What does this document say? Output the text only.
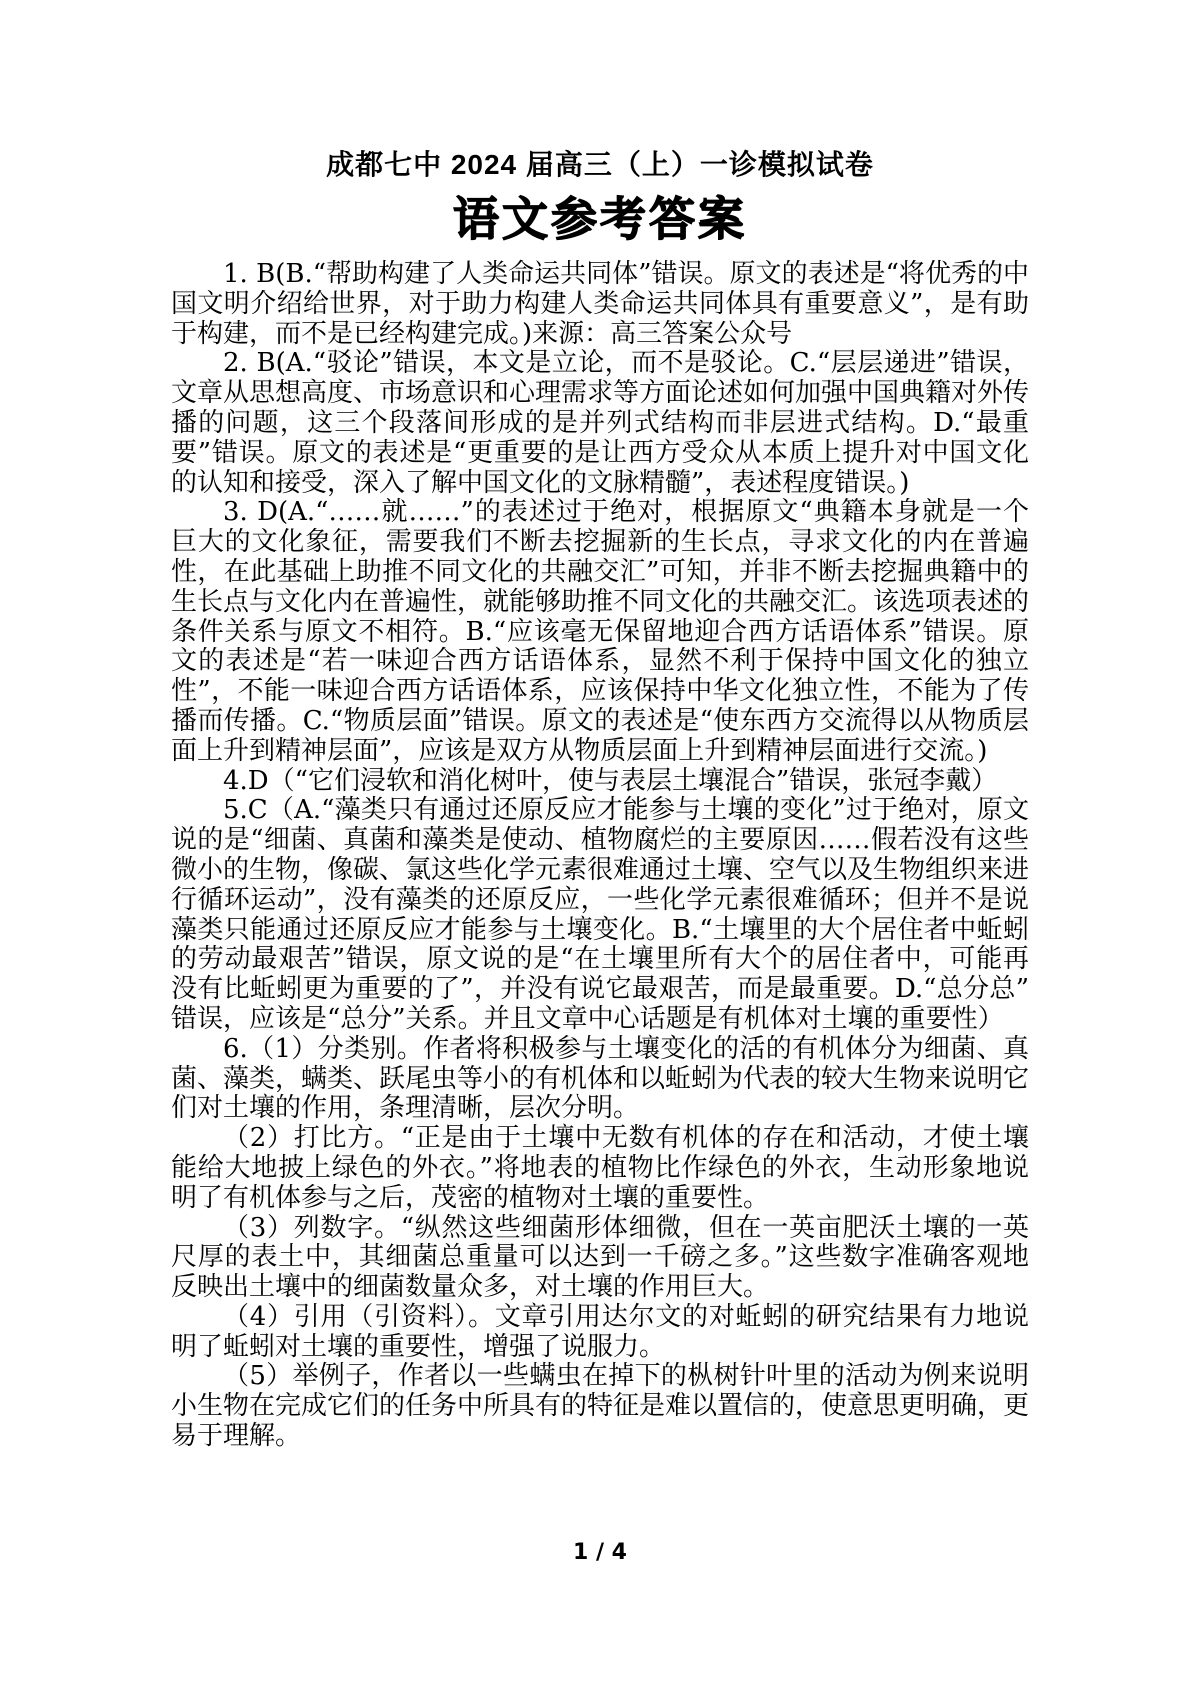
成都七中 2024 届高三（上）一诊模拟试卷
语文参考答案

1. B(B.“帮助构建了人类命运共同体”错误。原文的表述是“将优秀的中国文明介绍给世界，对于助力构建人类命运共同体具有重要意义”，是有助于构建，而不是已经构建完成。)来源：高三答案公众号

2. B(A.“驳论”错误，本文是立论，而不是驳论。C.“层层递进”错误，文章从思想高度、市场意识和心理需求等方面论述如何加强中国典籍对外传播的问题，这三个段落间形成的是并列式结构而非层进式结构。D.“最重要”错误。原文的表述是“更重要的是让西方受众从本质上提升对中国文化的认知和接受，深入了解中国文化的文脉精髓”，表述程度错误。)

3. D(A.“……就……”的表述过于绝对，根据原文“典籍本身就是一个巨大的文化象征，需要我们不断去挖掘新的生长点，寻求文化的内在普遍性，在此基础上助推不同文化的共融交汇”可知，并非不断去挖掘典籍中的生长点与文化内在普遍性，就能够助推不同文化的共融交汇。该选项表述的条件关系与原文不相符。B.“应该毫无保留地迎合西方话语体系”错误。原文的表述是“若一味迎合西方话语体系，显然不利于保持中国文化的独立性”，不能一味迎合西方话语体系，应该保持中华文化独立性，不能为了传播而传播。C.“物质层面”错误。原文的表述是“使东西方交流得以从物质层面上升到精神层面”，应该是双方从物质层面上升到精神层面进行交流。)

4.D（“它们浸软和消化树叶，使与表层土壤混合”错误，张冠李戴）

5.C（A.“藻类只有通过还原反应才能参与土壤的变化”过于绝对，原文说的是“细菌、真菌和藻类是使动、植物腐烂的主要原因……假若没有这些微小的生物，像碳、氯这些化学元素很难通过土壤、空气以及生物组织来进行循环运动”，没有藻类的还原反应，一些化学元素很难循环；但并不是说藻类只能通过还原反应才能参与土壤变化。B.“土壤里的大个居住者中蚯蚓的劳动最艰苦”错误，原文说的是“在土壤里所有大个的居住者中，可能再没有比蚯蚓更为重要的了”，并没有说它最艰苦，而是最重要。D.“总分总”错误，应该是“总分”关系。并且文章中心话题是有机体对土壤的重要性）

6.（1）分类别。作者将积极参与土壤变化的活的有机体分为细菌、真菌、藻类，螨类、跃尾虫等小的有机体和以蚯蚓为代表的较大生物来说明它们对土壤的作用，条理清晰，层次分明。

（2）打比方。“正是由于土壤中无数有机体的存在和活动，才使土壤能给大地披上绿色的外衣。”将地表的植物比作绿色的外衣，生动形象地说明了有机体参与之后，茂密的植物对土壤的重要性。

（3）列数字。“纵然这些细菌形体细微，但在一英亩肥沃土壤的一英尺厚的表土中，其细菌总重量可以达到一千磅之多。”这些数字准确客观地反映出土壤中的细菌数量众多，对土壤的作用巨大。

（4）引用（引资料）。文章引用达尔文的对蚯蚓的研究结果有力地说明了蚯蚓对土壤的重要性，增强了说服力。

（5）举例子，作者以一些螨虫在掉下的枞树针叶里的活动为例来说明小生物在完成它们的任务中所具有的特征是难以置信的，使意思更明确，更易于理解。

1 / 4
